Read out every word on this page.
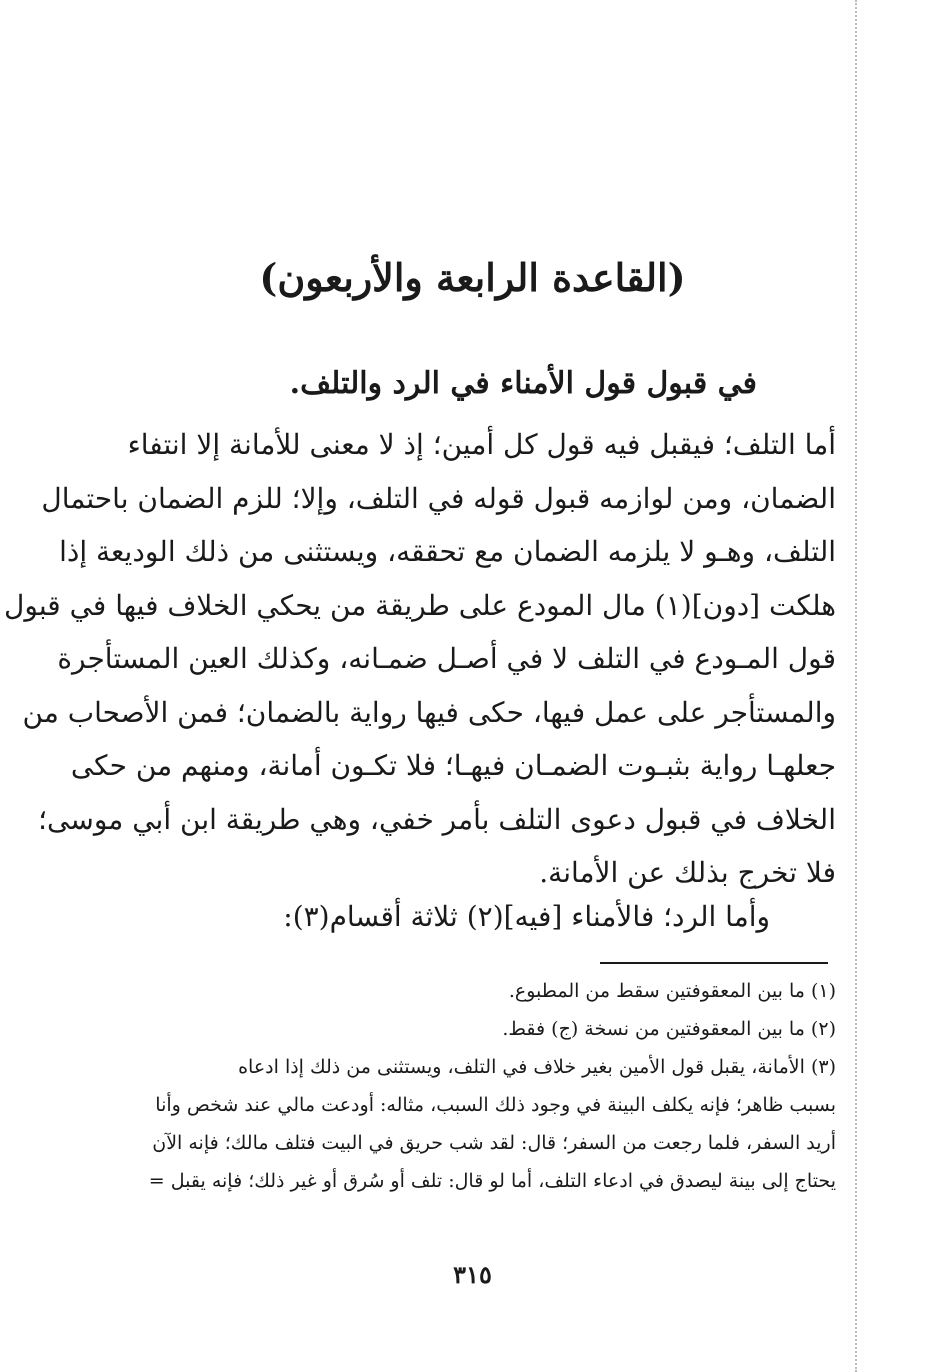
(القاعدة الرابعة والأربعون)
في قبول قول الأمناء في الرد والتلف.
أما التلف؛ فيقبل فيه قول كل أمين؛ إذ لا معنى للأمانة إلا انتفاء
الضمان، ومن لوازمه قبول قوله في التلف، وإلا؛ للزم الضمان باحتمال
التلف، وهـو لا يلزمه الضمان مع تحققه، ويستثنى من ذلك الوديعة إذا
هلكت [دون](١) مال المودع على طريقة من يحكي الخلاف فيها في قبول
قول المـودع في التلف لا في أصـل ضمـانه، وكذلك العين المستأجرة
والمستأجر على عمل فيها، حكى فيها رواية بالضمان؛ فمن الأصحاب من
جعلهـا رواية بثبـوت الضمـان فيهـا؛ فلا تكـون أمانة، ومنهم من حكى
الخلاف في قبول دعوى التلف بأمر خفي، وهي طريقة ابن أبي موسى؛
فلا تخرج بذلك عن الأمانة.

وأما الرد؛ فالأمناء [فيه](٢) ثلاثة أقسام(٣):

(١) ما بين المعقوفتين سقط من المطبوع.
(٢) ما بين المعقوفتين من نسخة (ج) فقط.
(٣) الأمانة، يقبل قول الأمين بغير خلاف في التلف، ويستثنى من ذلك إذا ادعاه
بسبب ظاهر؛ فإنه يكلف البينة في وجود ذلك السبب، مثاله: أودعت مالي عند شخص وأنا
أريد السفر، فلما رجعت من السفر؛ قال: لقد شب حريق في البيت فتلف مالك؛ فإنه الآن
يحتاج إلى بينة ليصدق في ادعاء التلف، أما لو قال: تلف أو سُرق أو غير ذلك؛ فإنه يقبل =
٣١٥
